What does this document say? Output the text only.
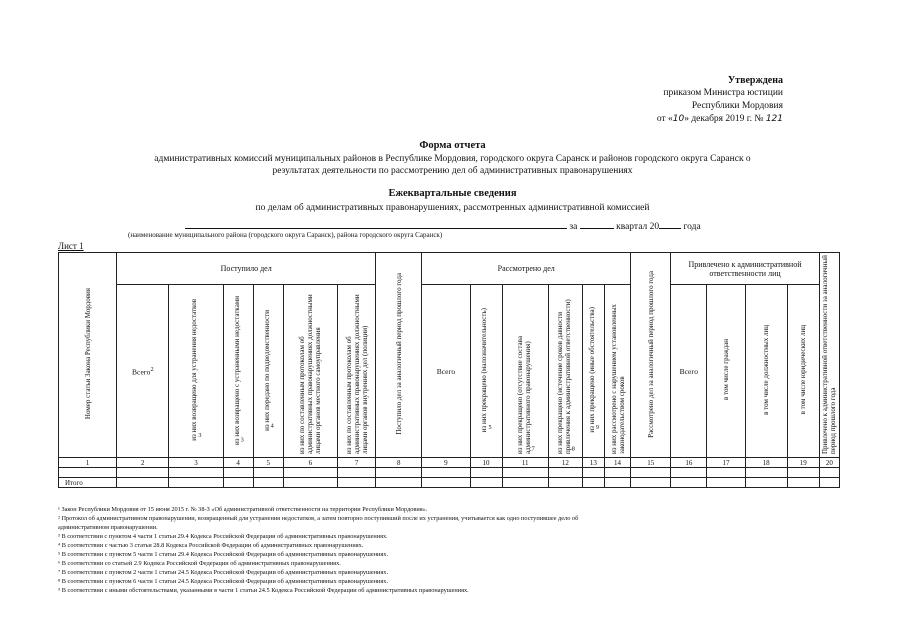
Утверждена
приказом Министра юстиции
Республики Мордовия
от «10» декабря 2019 г. № 121
Форма отчета
административных комиссий муниципальных районов в Республике Мордовия, городского округа Саранск и районов городского округа Саранск о
результатах деятельности по рассмотрению дел об административных правонарушениях
Ежеквартальные сведения
по делам об административных правонарушениях, рассмотренных административной комиссией
за	квартал 20	года
(наименование муниципального района (городского округа Саранск), района городского округа Саранск)
Лист 1
Номер статьи Закона Республики Мордовия	Поступило дел						Поступило дел за аналогичный период прошлого года	Рассмотрено дел						Рассмотрено дел за аналогичный период прошлого года	Привлечено к административной ответственности лиц				Привлечено к административной ответственности за аналогичный период прошлого года
	Всего$^2$	из них возвращено для устранения недостатков$^3$	из них возвращено с устраненными недостатками$^3$	из них передано по подведомственности$^4$	из них по составленным протоколам об административных правонарушениях должностными лицами органов местного самоуправления	из них по составленным протоколам об административных правонарушениях должностными лицами органов внутренних дел (полиции)		Всего	из них прекращено (малозначительность)$^5$	из них прекращено (отсутствие состава административного правонарушения)$^7$	из них прекращено (истечение сроков давности привлечения к административной ответственности)$^8$	из них прекращено (иные обстоятельства)$^9$	из них рассмотрено с нарушением установленных законодательством сроков		Всего	в том числе граждан	в том числе должностных лиц	в том числе юридических лиц	
1	2	3	4	5	6	7	8	9	10	11	12	13	14	15	16	17	18	19	20

Итого																			
¹ Закон Республики Мордовия от 15 июня 2015 г. № 38-З «Об административной ответственности на территории Республики Мордовия».
² Протокол об административном правонарушении, возвращенный для устранения недостатков, а затем повторно поступивший после их устранения, учитывается как одно поступившее дело об
административном правонарушении.
³ В соответствии с пунктом 4 части 1 статьи 29.4 Кодекса Российской Федерации об административных правонарушениях.
⁴ В соответствии с частью 3 статьи 28.8 Кодекса Российской Федерации об административных правонарушениях.
⁵ В соответствии с пунктом 5 части 1 статьи 29.4 Кодекса Российской Федерации об административных правонарушениях.
⁶ В соответствии со статьей 2.9 Кодекса Российской Федерации об административных правонарушениях.
⁷ В соответствии с пунктом 2 части 1 статьи 24.5 Кодекса Российской Федерации об административных правонарушениях.
⁸ В соответствии с пунктом 6 части 1 статьи 24.5 Кодекса Российской Федерации об административных правонарушениях.
⁹ В соответствии с иными обстоятельствами, указанными в части 1 статьи 24.5 Кодекса Российской Федерации об административных правонарушениях.
